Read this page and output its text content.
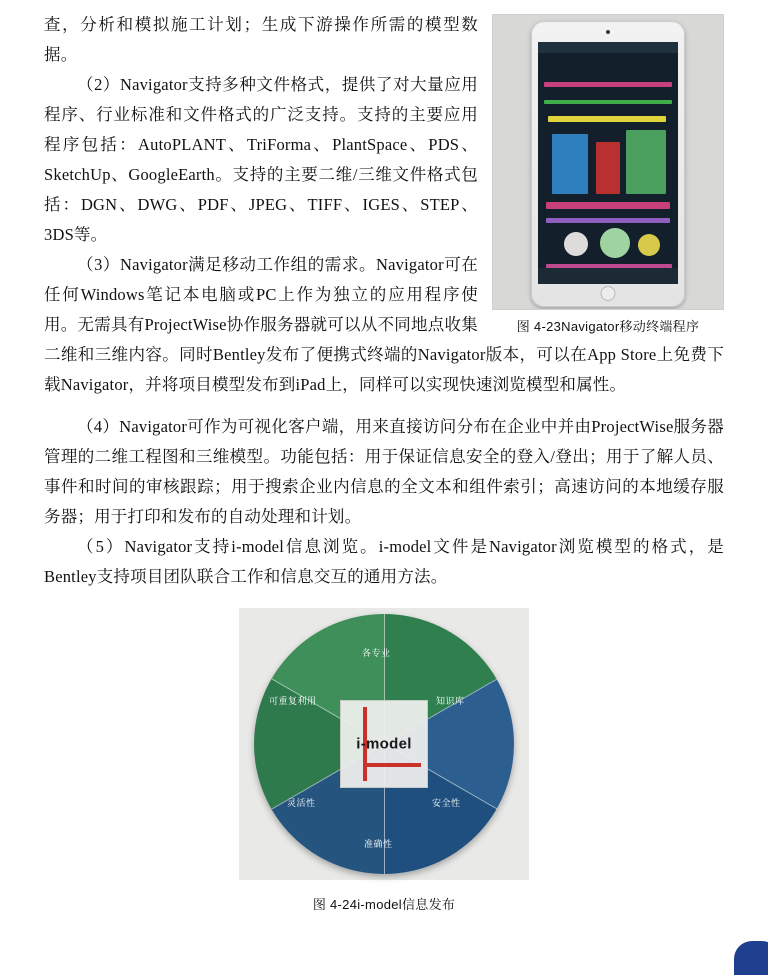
图 4-23Navigator移动终端程序

查，分析和模拟施工计划；生成下游操作所需的模型数据。

（2）Navigator支持多种文件格式，提供了对大量应用程序、行业标准和文件格式的广泛支持。支持的主要应用程序包括：AutoPLANT、TriForma、PlantSpace、PDS、SketchUp、GoogleEarth。支持的主要二维/三维文件格式包括：DGN、DWG、PDF、JPEG、TIFF、IGES、STEP、3DS等。

（3）Navigator满足移动工作组的需求。Navigator可在任何Windows笔记本电脑或PC上作为独立的应用程序使用。无需具有ProjectWise协作服务器就可以从不同地点收集二维和三维内容。同时Bentley发布了便携式终端的Navigator版本，可以在App Store上免费下载Navigator，并将项目模型发布到iPad上，同样可以实现快速浏览模型和属性。

（4）Navigator可作为可视化客户端，用来直接访问分布在企业中并由ProjectWise服务器管理的二维工程图和三维模型。功能包括：用于保证信息安全的登入/登出；用于了解人员、事件和时间的审核跟踪；用于搜索企业内信息的全文本和组件索引；高速访问的本地缓存服务器；用于打印和发布的自动处理和计划。

（5）Navigator支持i-model信息浏览。i-model文件是Navigator浏览模型的格式，是Bentley支持项目团队联合工作和信息交互的通用方法。

各专业
知识库
安全性
准确性
灵活性
可重复利用
i-model
图 4-24i-model信息发布
